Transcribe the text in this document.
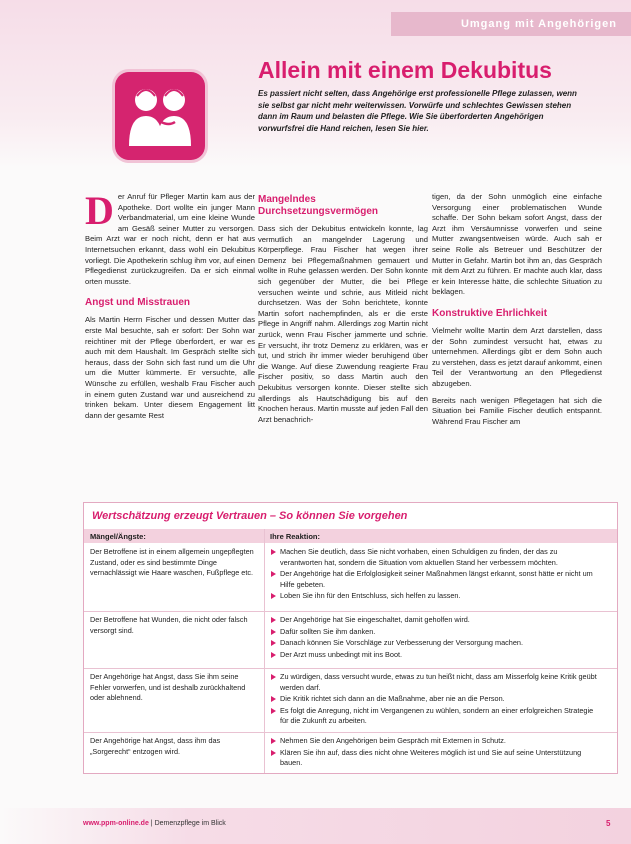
Umgang mit Angehörigen
Allein mit einem Dekubitus

Es passiert nicht selten, dass Angehörige erst professionelle Pflege zulassen, wenn sie selbst gar nicht mehr weiterwissen. Vorwürfe und schlechtes Gewissen stehen dann im Raum und belasten die Pflege. Wie Sie überforderten Angehörigen vorwurfsfrei die Hand reichen, lesen Sie hier.

D er Anruf für Pfleger Martin kam aus der Apotheke. Dort wollte ein junger Mann Verbandmaterial, um eine kleine Wunde am Gesäß seiner Mutter zu versorgen. Beim Arzt war er noch nicht, denn er hat aus Internetsuchen erkannt, dass wohl ein Dekubitus vorliegt. Die Apothekerin schlug ihm vor, auf einen Pflegedienst zurückzugreifen. Da er sich einmal orten musste.

Angst und Misstrauen

Als Martin Herrn Fischer und dessen Mutter das erste Mal besuchte, sah er sofort: Der Sohn war reichtiner mit der Pflege überfordert, er war es auch mit dem Haushalt. Im Gespräch stellte sich heraus, dass der Sohn sich fast rund um die Uhr um die Mutter kümmerte. Er versuchte, alle Wünsche zu erfüllen, weshalb Frau Fischer auch in einem guten Zustand war und ausreichend zu trinken bekam. Unter diesem Engagement litt dann der gesamte Rest

Mangelndes Durchsetzungsvermögen

Dass sich der Dekubitus entwickeln konnte, lag vermutlich an mangelnder Lagerung und Körperpflege. Frau Fischer hat wegen ihrer Demenz bei Pflegemaßnahmen gemauert und wollte in Ruhe gelassen werden. Der Sohn konnte sich gegenüber der Mutter, die bei Pflege versuchen weinte und schrie, aus Mitleid nicht durchsetzen. Was der Sohn berichtete, konnte Martin sofort nachempfinden, als er die erste Pflege in Angriff nahm. Allerdings zog Martin nicht zurück, wenn Frau Fischer jammerte und schrie. Er versucht, ihr trotz Demenz zu erklären, was er tut, und strich ihr immer wieder beruhigend über die Wange. Auf diese Zuwendung reagierte Frau Fischer positiv, so dass Martin auch den Dekubitus versorgen konnte. Dieser stellte sich allerdings als Hautschädigung bis auf den Knochen heraus. Martin musste auf jeden Fall den Arzt benachrich-

tigen, da der Sohn unmöglich eine einfache Versorgung einer problematischen Wunde schaffe. Der Sohn bekam sofort Angst, dass der Arzt ihm Versäumnisse vorwerfen und seine Mutter zwangsentweisen würde. Auch sah er seine Rolle als Betreuer und Beschützer der Mutter in Gefahr. Martin bot ihm an, das Gespräch mit dem Arzt zu führen. Er machte auch klar, dass er kein Interesse hätte, die schlechte Situation zu beklagen.

Konstruktive Ehrlichkeit

Vielmehr wollte Martin dem Arzt darstellen, dass der Sohn zumindest versucht hat, etwas zu unternehmen. Allerdings gibt er dem Sohn auch zu verstehen, dass es jetzt darauf ankommt, einen Teil der Verantwortung an den Pflegedienst abzugeben.

Bereits nach wenigen Pflegetagen hat sich die Situation bei Familie Fischer deutlich entspannt. Während Frau Fischer am

Wertschätzung erzeugt Vertrauen – So können Sie vorgehen
Mängel/Ängste:	Ihre Reaktion:
Der Betroffene ist in einem allgemein ungepflegten Zustand, oder es sind bestimmte Dinge vernachlässigt wie Haare waschen, Fußpflege etc.
Machen Sie deutlich, dass Sie nicht vorhaben, einen Schuldigen zu finden, der das zu verantworten hat, sondern die Situation vom aktuellen Stand her verbessern möchten.
Der Angehörige hat die Erfolglosigkeit seiner Maßnahmen längst erkannt, sonst hätte er nicht um Hilfe gebeten.
Loben Sie ihn für den Entschluss, sich helfen zu lassen.
Der Betroffene hat Wunden, die nicht oder falsch versorgt sind.
Der Angehörige hat Sie eingeschaltet, damit geholfen wird.
Dafür sollten Sie ihm danken.
Danach können Sie Vorschläge zur Verbesserung der Versorgung machen.
Der Arzt muss unbedingt mit ins Boot.
Der Angehörige hat Angst, dass Sie ihm seine Fehler vorwerfen, und ist deshalb zurückhaltend oder ablehnend.
Zu würdigen, dass versucht wurde, etwas zu tun heißt nicht, dass am Misserfolg keine Kritik geübt werden darf.
Die Kritik richtet sich dann an die Maßnahme, aber nie an die Person.
Es folgt die Anregung, nicht im Vergangenen zu wühlen, sondern an einer erfolgreichen Strategie für die Zukunft zu arbeiten.
Der Angehörige hat Angst, dass ihm das „Sorgerecht“ entzogen wird.
Nehmen Sie den Angehörigen beim Gespräch mit Externen in Schutz.
Klären Sie ihn auf, dass dies nicht ohne Weiteres möglich ist und Sie auf seine Unterstützung bauen.
www.ppm-online.de | Demenzpflege im Blick	5
